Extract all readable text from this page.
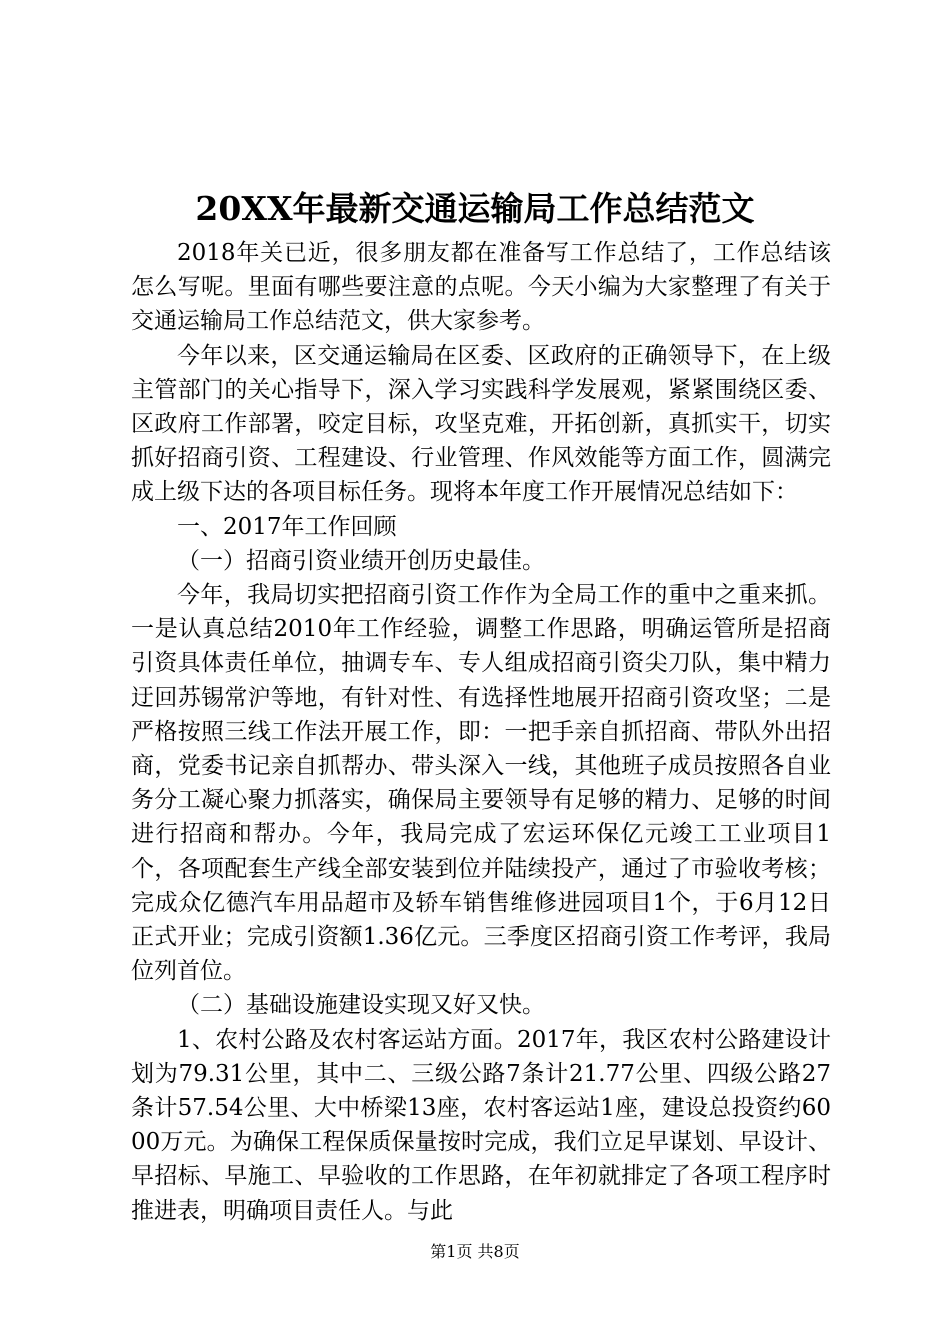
20XX年最新交通运输局工作总结范文

2018年关已近，很多朋友都在准备写工作总结了，工作总结该怎么写呢。里面有哪些要注意的点呢。今天小编为大家整理了有关于交通运输局工作总结范文，供大家参考。

今年以来，区交通运输局在区委、区政府的正确领导下，在上级主管部门的关心指导下，深入学习实践科学发展观，紧紧围绕区委、区政府工作部署，咬定目标，攻坚克难，开拓创新，真抓实干，切实抓好招商引资、工程建设、行业管理、作风效能等方面工作，圆满完成上级下达的各项目标任务。现将本年度工作开展情况总结如下：

一、2017年工作回顾

（一）招商引资业绩开创历史最佳。

今年，我局切实把招商引资工作作为全局工作的重中之重来抓。一是认真总结2010年工作经验，调整工作思路，明确运管所是招商引资具体责任单位，抽调专车、专人组成招商引资尖刀队，集中精力迂回苏锡常沪等地，有针对性、有选择性地展开招商引资攻坚；二是严格按照三线工作法开展工作，即：一把手亲自抓招商、带队外出招商，党委书记亲自抓帮办、带头深入一线，其他班子成员按照各自业务分工凝心聚力抓落实，确保局主要领导有足够的精力、足够的时间进行招商和帮办。今年，我局完成了宏运环保亿元竣工工业项目1个，各项配套生产线全部安装到位并陆续投产，通过了市验收考核；完成众亿德汽车用品超市及轿车销售维修进园项目1个，于6月12日正式开业；完成引资额1.36亿元。三季度区招商引资工作考评，我局位列首位。

（二）基础设施建设实现又好又快。

1、农村公路及农村客运站方面。2017年，我区农村公路建设计划为79.31公里，其中二、三级公路7条计21.77公里、四级公路27条计57.54公里、大中桥梁13座，农村客运站1座，建设总投资约6000万元。为确保工程保质保量按时完成，我们立足早谋划、早设计、早招标、早施工、早验收的工作思路，在年初就排定了各项工程序时推进表，明确项目责任人。与此

第1页 共8页
